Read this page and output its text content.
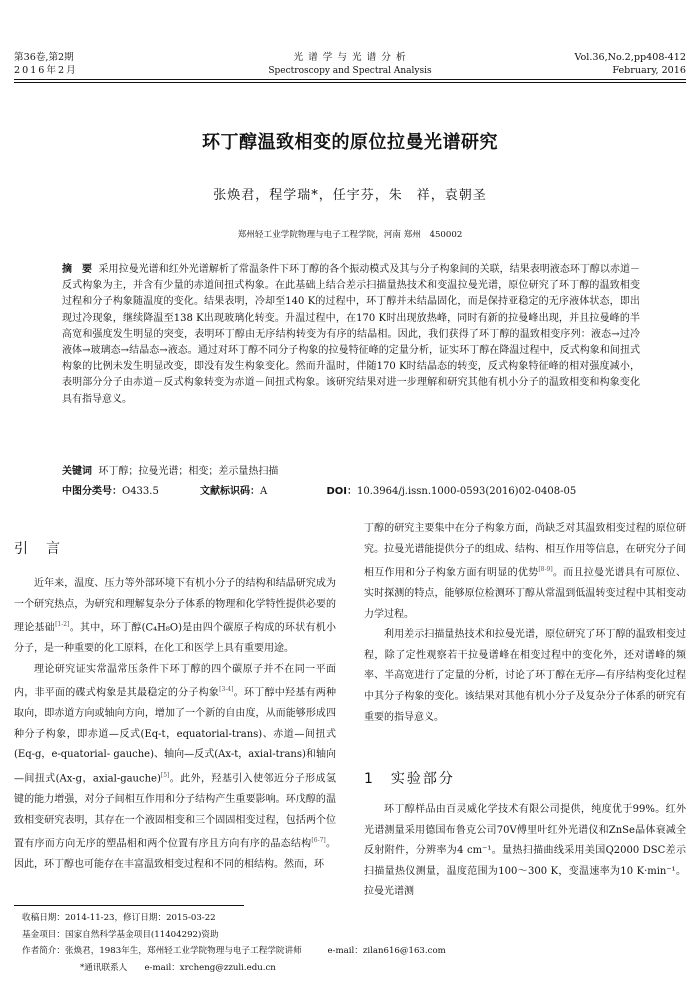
第36卷,第2期
2016年2月
光 谱 学 与 光 谱 分 析
Spectroscopy and Spectral Analysis
Vol.36,No.2,pp408-412
February, 2016
环丁醇温致相变的原位拉曼光谱研究
张焕君，程学瑞*，任宇芬，朱　祥，袁朝圣
郑州轻工业学院物理与电子工程学院，河南 郑州　450002
摘　要 采用拉曼光谱和红外光谱解析了常温条件下环丁醇的各个振动模式及其与分子构象间的关联，结果表明液态环丁醇以赤道－反式构象为主，并含有少量的赤道间扭式构象。在此基础上结合差示扫描量热技术和变温拉曼光谱，原位研究了环丁醇的温致相变过程和分子构象随温度的变化。结果表明，冷却至140 K的过程中，环丁醇并未结晶固化，而是保持亚稳定的无序液体状态，即出现过冷现象，继续降温至138 K出现玻璃化转变。升温过程中，在170 K时出现放热峰，同时有新的拉曼峰出现，并且拉曼峰的半高宽和强度发生明显的突变，表明环丁醇由无序结构转变为有序的结晶相。因此，我们获得了环丁醇的温致相变序列：液态→过冷液体→玻璃态→结晶态→液态。通过对环丁醇不同分子构象的拉曼特征峰的定量分析，证实环丁醇在降温过程中，反式构象和间扭式构象的比例未发生明显改变，即没有发生构象变化。然而升温时，伴随170 K时结晶态的转变，反式构象特征峰的相对强度减小，表明部分分子由赤道－反式构象转变为赤道－间扭式构象。该研究结果对进一步理解和研究其他有机小分子的温致相变和构象变化具有指导意义。
关键词 环丁醇；拉曼光谱；相变；差示量热扫描
中图分类号：O433.5	文献标识码：A	DOI：10.3964/j.issn.1000-0593(2016)02-0408-05
引　言

近年来，温度、压力等外部环境下有机小分子的结构和结晶研究成为一个研究热点，为研究和理解复杂分子体系的物理和化学特性提供必要的理论基础[1-2]。其中，环丁醇(C₄H₈O)是由四个碳原子构成的环状有机小分子，是一种重要的化工原料，在化工和医学上具有重要用途。

理论研究证实常温常压条件下环丁醇的四个碳原子并不在同一平面内，非平面的碟式构象是其最稳定的分子构象[3-4]。环丁醇中羟基有两种取向，即赤道方向或轴向方向，增加了一个新的自由度，从而能够形成四种分子构象，即赤道—反式(Eq-t，equatorial-trans)、赤道—间扭式(Eq-g，e-quatorial- gauche)、轴向—反式(Ax-t，axial-trans)和轴向—间扭式(Ax-g，axial-gauche)[5]。此外，羟基引入使邻近分子形成氢键的能力增强，对分子间相互作用和分子结构产生重要影响。环戊醇的温致相变研究表明，其存在一个液固相变和三个固固相变过程，包括两个位置有序而方向无序的塑晶相和两个位置有序且方向有序的晶态结构[6-7]。因此，环丁醇也可能存在丰富温致相变过程和不同的相结构。然而，环

丁醇的研究主要集中在分子构象方面，尚缺乏对其温致相变过程的原位研究。拉曼光谱能提供分子的组成、结构、相互作用等信息，在研究分子间相互作用和分子构象方面有明显的优势[8-9]。而且拉曼光谱具有可原位、实时探测的特点，能够原位检测环丁醇从常温到低温转变过程中其相变动力学过程。

利用差示扫描量热技术和拉曼光谱，原位研究了环丁醇的温致相变过程，除了定性观察若干拉曼谱峰在相变过程中的变化外，还对谱峰的频率、半高宽进行了定量的分析，讨论了环丁醇在无序—有序结构变化过程中其分子构象的变化。该结果对其他有机小分子及复杂分子体系的研究有重要的指导意义。

1　实验部分

环丁醇样品由百灵威化学技术有限公司提供，纯度优于99%。红外光谱测量采用德国布鲁克公司70V傅里叶红外光谱仪和ZnSe晶体衰减全反射附件，分辨率为4 cm⁻¹。量热扫描曲线采用美国Q2000 DSC差示扫描量热仪测量，温度范围为100～300 K，变温速率为10 K·min⁻¹。拉曼光谱测

收稿日期：2014-11-23，修订日期：2015-03-22
基金项目：国家自然科学基金项目(11404292)资助
作者简介：张焕君，1983年生，郑州轻工业学院物理与电子工程学院讲师　　　e-mail：zilan616@163.com
*通讯联系人　　e-mail：xrcheng@zzuli.edu.cn
